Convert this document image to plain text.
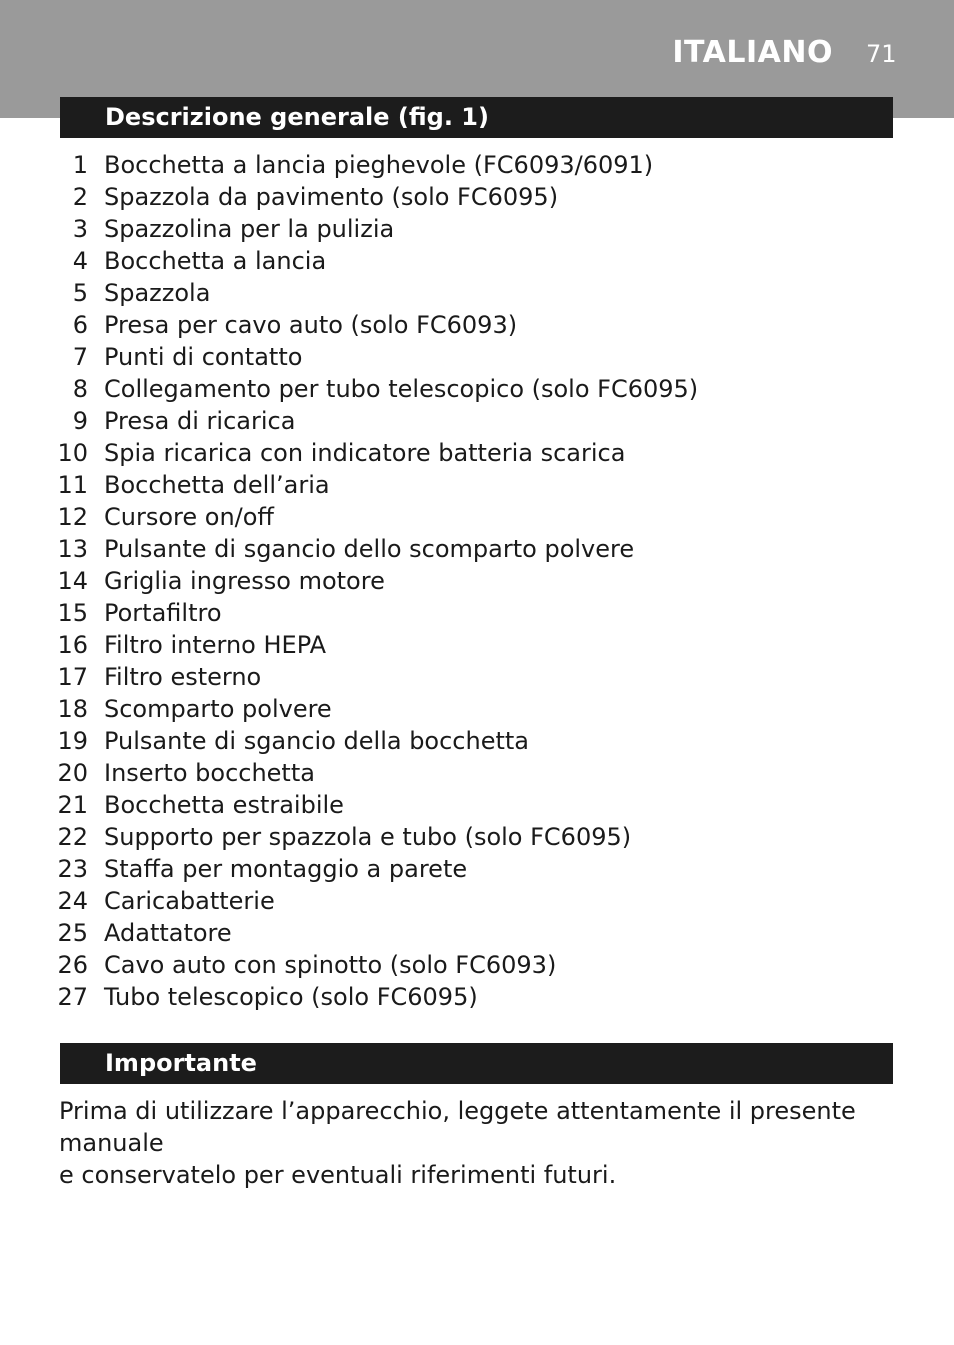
ITALIANO 71
Descrizione generale (fig. 1)
1 Bocchetta a lancia pieghevole (FC6093/6091)
2 Spazzola da pavimento (solo FC6095)
3 Spazzolina per la pulizia
4 Bocchetta a lancia
5 Spazzola
6 Presa per cavo auto (solo FC6093)
7 Punti di contatto
8 Collegamento per tubo telescopico (solo FC6095)
9 Presa di ricarica
10 Spia ricarica con indicatore batteria scarica
11 Bocchetta dell’aria
12 Cursore on/off
13 Pulsante di sgancio dello scomparto polvere
14 Griglia ingresso motore
15 Portafiltro
16 Filtro interno HEPA
17 Filtro esterno
18 Scomparto polvere
19 Pulsante di sgancio della bocchetta
20 Inserto bocchetta
21 Bocchetta estraibile
22 Supporto per spazzola e tubo (solo FC6095)
23 Staffa per montaggio a parete
24 Caricabatterie
25 Adattatore
26 Cavo auto con spinotto (solo FC6093)
27 Tubo telescopico (solo FC6095)
Importante

Prima di utilizzare l’apparecchio, leggete attentamente il presente manuale
e conservatelo per eventuali riferimenti futuri.
